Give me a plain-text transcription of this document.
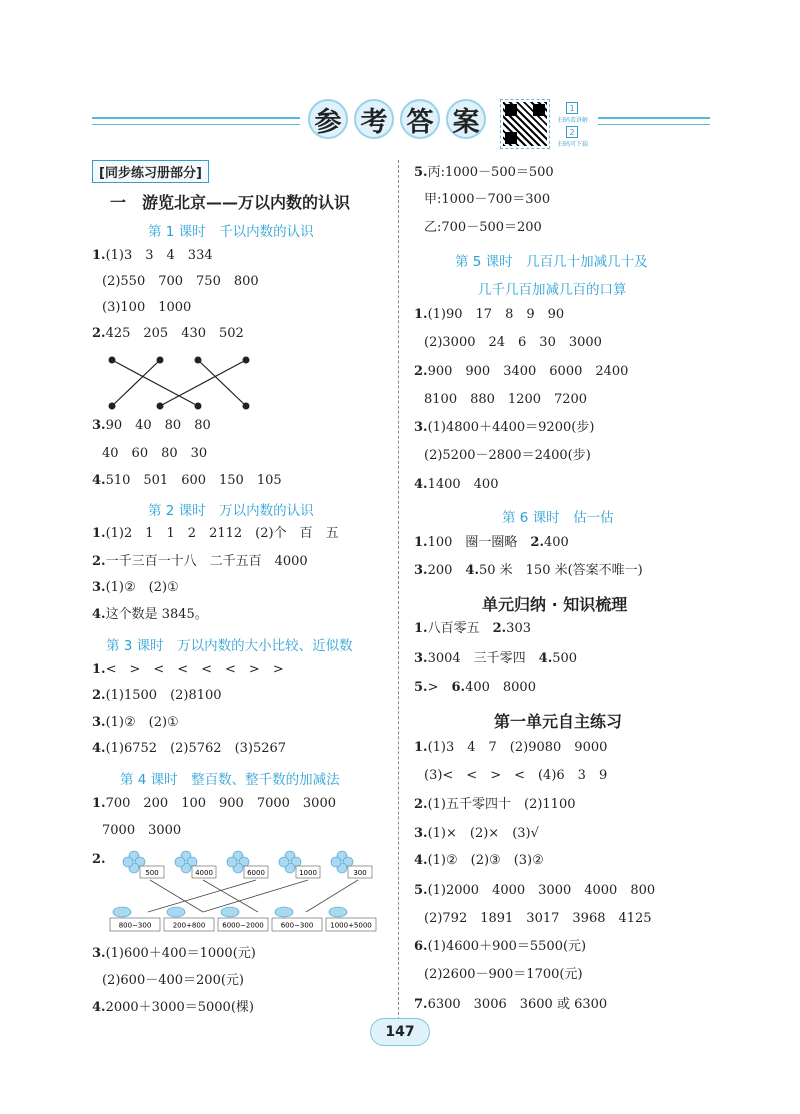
参 考 答 案	1
扫码看讲解
2
扫码可下载
[同步练习册部分]
一　游览北京——万以内数的认识
第 1 课时　千以内数的认识
第 2 课时　万以内数的认识
第 3 课时　万以内数的大小比较、近似数
第 4 课时　整百数、整千数的加减法
500	4000	6000	1000	300
800−300	200+800 6000−2000 600−300 1000+5000
第 5 课时　几百几十加减几十及
几千几百加减几百的口算
第 6 课时　估一估
单元归纳 · 知识梳理
第一单元自主练习
147
1.(1)3　3　4　334
(2)550　700　750　800
(3)100　1000
2.425　205　430　502
3.90　40　80　80
40　60　80　30
4.510　501　600　150　105
1.(1)2　1　1　2　2112　(2)个　百　五
2.一千三百一十八　二千五百　4000
3.(1)②　(2)①
4.这个数是 3845。
1.<　>　<　<　<　<　>　>
2.(1)1500　(2)8100
3.(1)②　(2)①
4.(1)6752　(2)5762　(3)5267
1.700　200　100　900　7000　3000
7000　3000
2.
3.(1)600＋400＝1000(元)
(2)600－400＝200(元)
4.2000＋3000＝5000(棵)
5.丙:1000－500＝500
甲:1000－700＝300
乙:700－500＝200
1.(1)90　17　8　9　90
(2)3000　24　6　30　3000
2.900　900　3400　6000　2400
8100　880　1200　7200
3.(1)4800＋4400＝9200(步)
(2)5200－2800＝2400(步)
4.1400　400
1.100　圈一圈略　2.400
3.200　4.50 米　150 米(答案不唯一)
1.八百零五　2.303
3.3004　三千零四　4.500
5.>　6.400　8000
1.(1)3　4　7　(2)9080　9000
(3)<　<　>　<　(4)6　3　9
2.(1)五千零四十　(2)1100
3.(1)×　(2)×　(3)√
4.(1)②　(2)③　(3)②
5.(1)2000　4000　3000　4000　800
(2)792　1891　3017　3968　4125
6.(1)4600＋900＝5500(元)
(2)2600－900＝1700(元)
7.6300　3006　3600 或 6300
